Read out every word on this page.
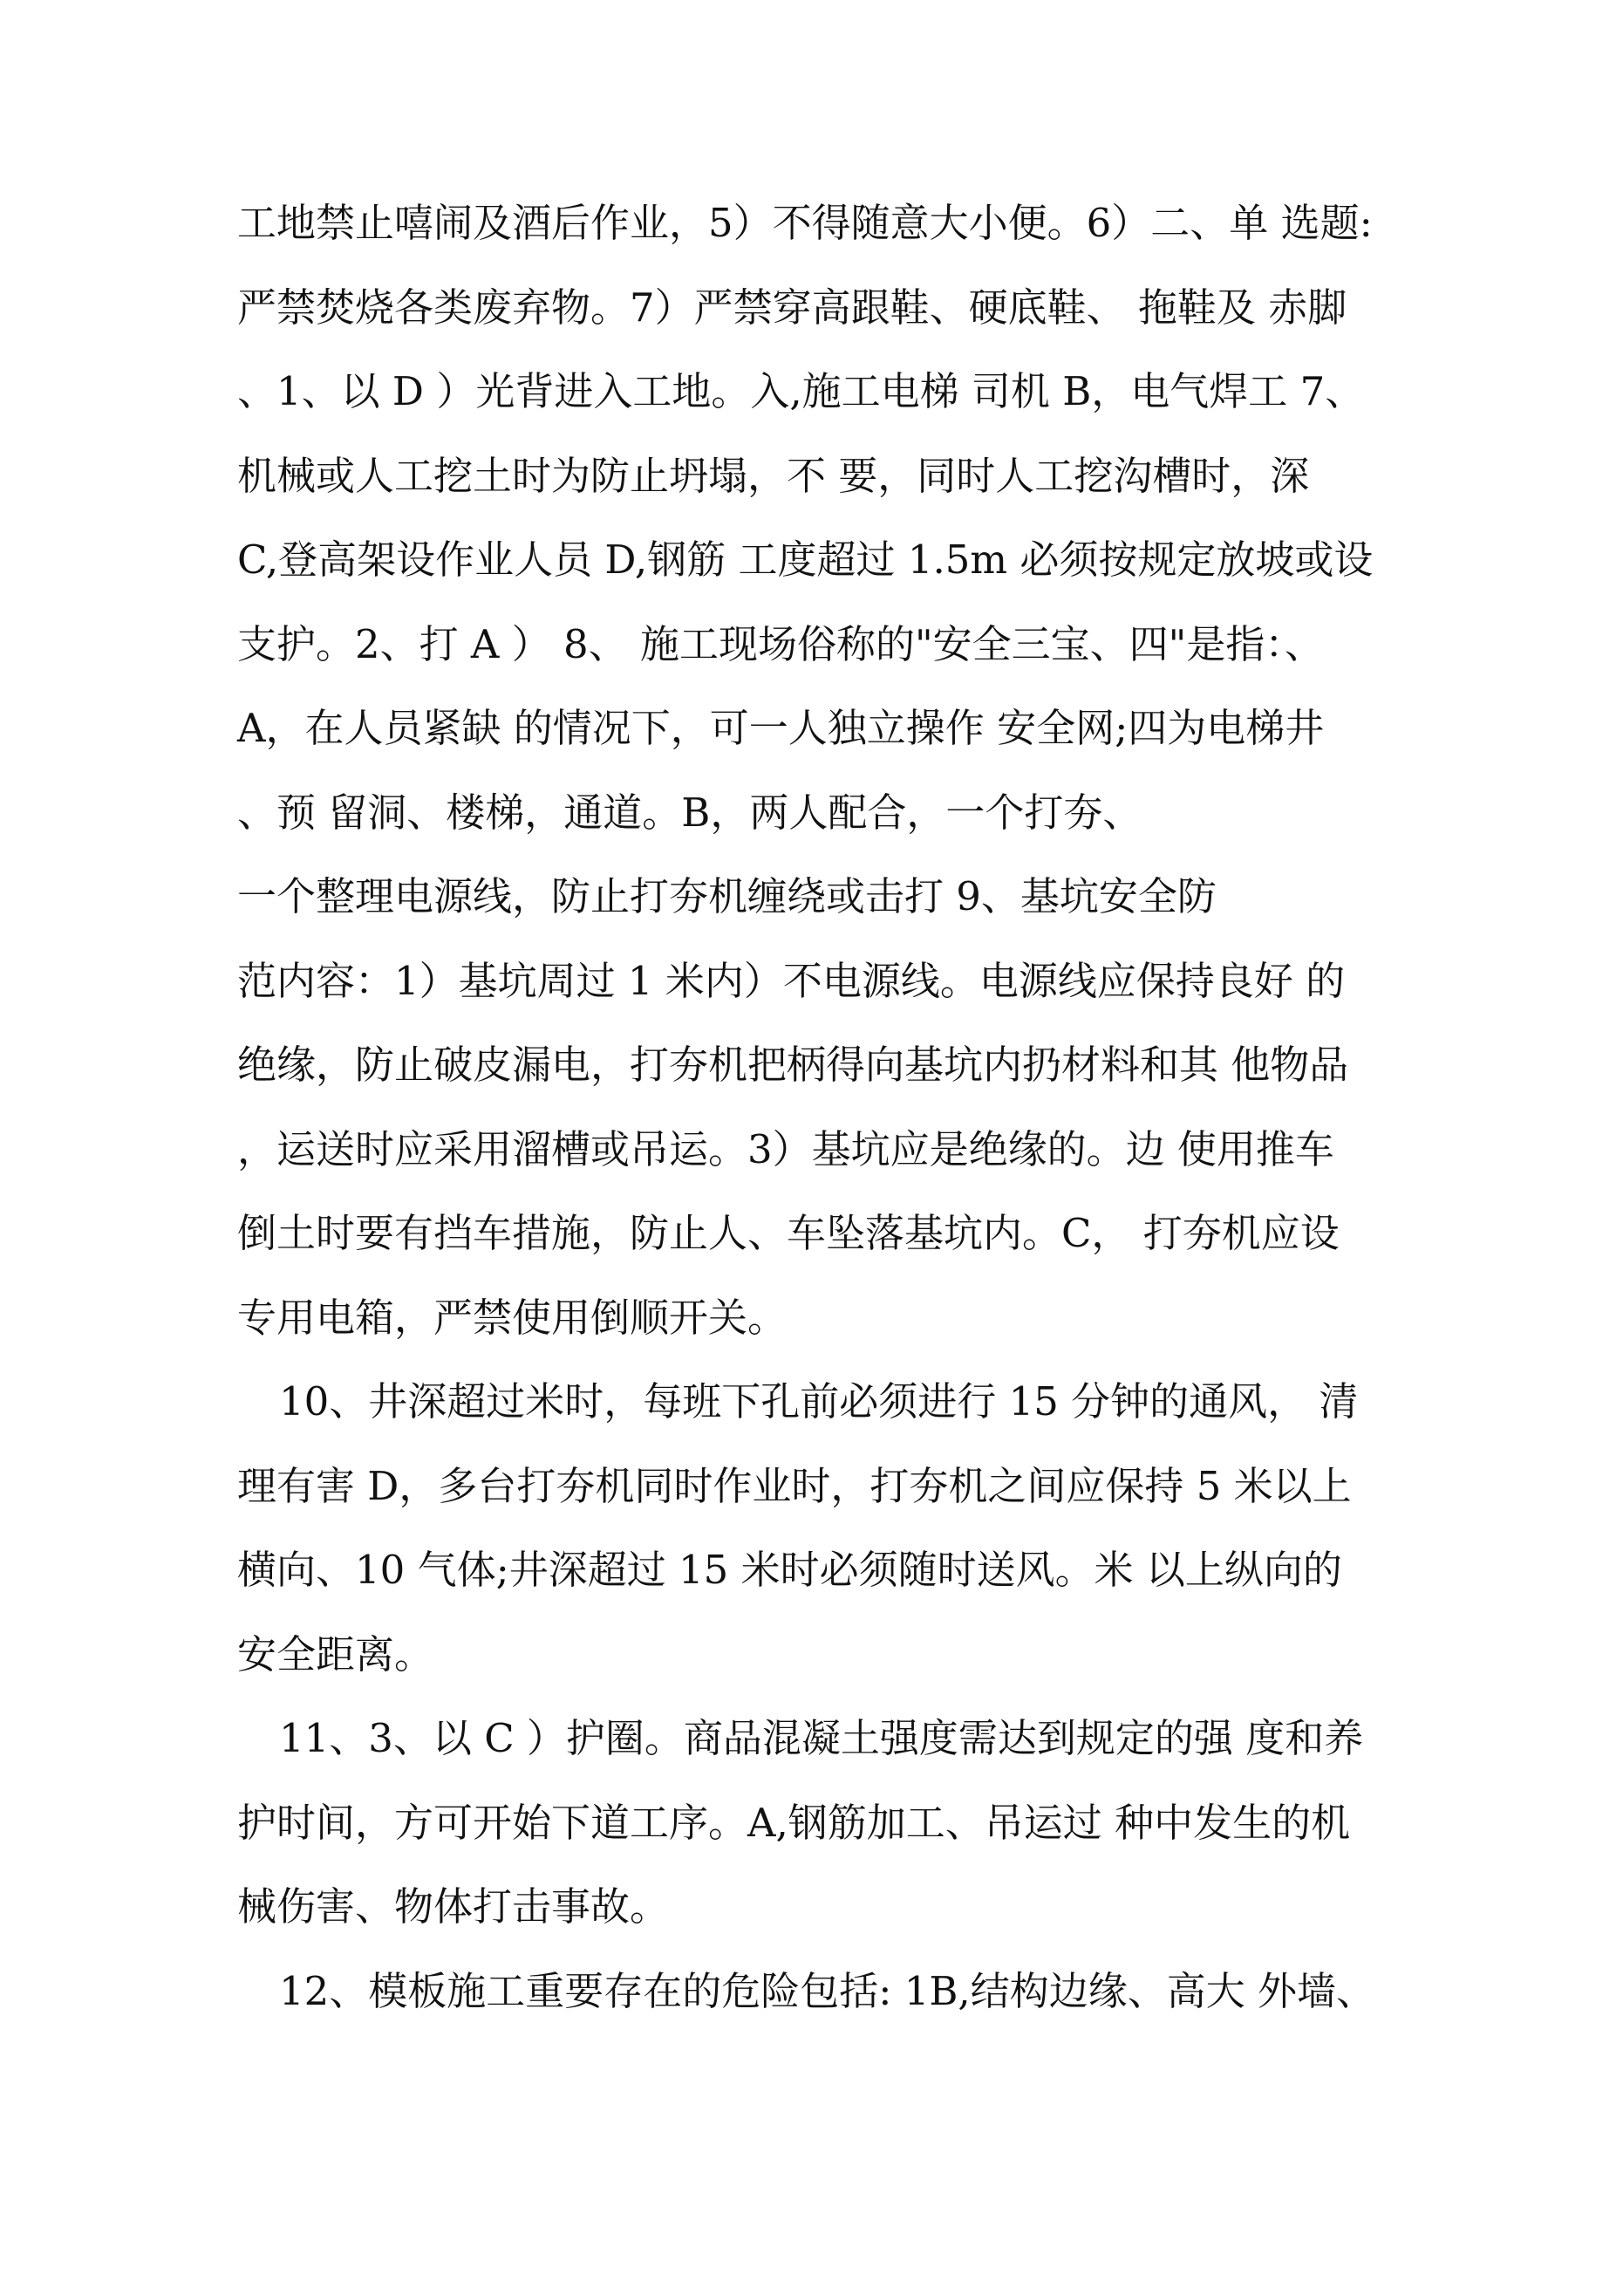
工地禁止嘻闹及酒后作业，5）不得随意大小便。6）二、单 选题:
严禁焚烧各类废弃物。7）严禁穿高跟鞋、硬底鞋、 拖鞋及 赤脚
、1、以 D ）光背进入工地。入,施工电梯 司机 B，电气焊工 7、
机械或人工挖土时为防止坍塌，不 要，同时人工挖沟槽时，深
C,登高架设作业人员 D,钢筋 工度超过 1.5m 必须按规定放坡或设
支护。2、打 A ） 8、 施工现场俗称的"安全三宝、四"是指：、
A，在人员紧缺 的情况下，可一人独立操作 安全网;四为电梯井
、预 留洞、楼梯，通道。B，两人配合，一个打夯、
一个整理电源线，防止打夯机缠绕或击打 9、基坑安全防
范内容：1）基坑周过 1 米内）不电源线。电源线应保持良好 的
绝缘，防止破皮漏电，打夯机把柄得向基坑内扔材料和其 他物品
，运送时应采用溜槽或吊运。3）基坑应是绝缘的。边 使用推车
倒土时要有挡车措施，防止人、车坠落基坑内。C， 打夯机应设
专用电箱，严禁使用倒顺开关。
10、井深超过米时，每班下孔前必须进行 15 分钟的通风， 清
理有害 D，多台打夯机同时作业时，打夯机之间应保持 5 米以上
横向、10 气体;井深超过 15 米时必须随时送风。米 以上纵向的
安全距离。
11、3、以 C ）护圈。商品混凝土强度需达到规定的强 度和养
护时间，方可开始下道工序。A,钢筋加工、吊运过 种中发生的机
械伤害、物体打击事故。
12、模板施工重要存在的危险包括: 1B,结构边缘、高大 外墙、
